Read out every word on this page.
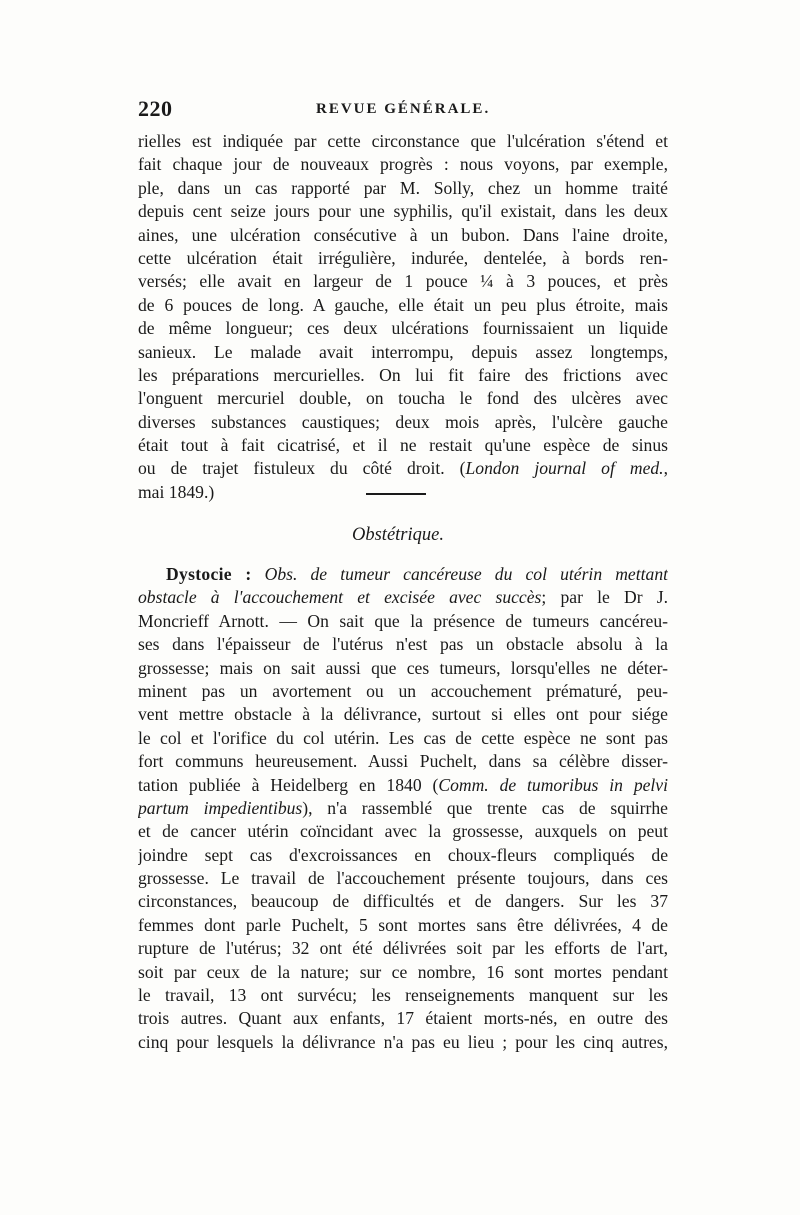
220	REVUE GÉNÉRALE.
rielles est indiquée par cette circonstance que l'ulcération s'étend et
fait chaque jour de nouveaux progrès : nous voyons, par exemple,
ple, dans un cas rapporté par M. Solly, chez un homme traité
depuis cent seize jours pour une syphilis, qu'il existait, dans les deux
aines, une ulcération consécutive à un bubon. Dans l'aine droite,
cette ulcération était irrégulière, indurée, dentelée, à bords ren-
versés; elle avait en largeur de 1 pouce ¼ à 3 pouces, et près
de 6 pouces de long. A gauche, elle était un peu plus étroite, mais
de même longueur; ces deux ulcérations fournissaient un liquide
sanieux. Le malade avait interrompu, depuis assez longtemps,
les préparations mercurielles. On lui fit faire des frictions avec
l'onguent mercuriel double, on toucha le fond des ulcères avec
diverses substances caustiques; deux mois après, l'ulcère gauche
était tout à fait cicatrisé, et il ne restait qu'une espèce de sinus
ou de trajet fistuleux du côté droit. (London journal of med.,
mai 1849.)
Obstétrique.
Dystocie : Obs. de tumeur cancéreuse du col utérin mettant
obstacle à l'accouchement et excisée avec succès; par le Dr J.
Moncrieff Arnott. — On sait que la présence de tumeurs cancéreu-
ses dans l'épaisseur de l'utérus n'est pas un obstacle absolu à la
grossesse; mais on sait aussi que ces tumeurs, lorsqu'elles ne déter-
minent pas un avortement ou un accouchement prématuré, peu-
vent mettre obstacle à la délivrance, surtout si elles ont pour siége
le col et l'orifice du col utérin. Les cas de cette espèce ne sont pas
fort communs heureusement. Aussi Puchelt, dans sa célèbre disser-
tation publiée à Heidelberg en 1840 (Comm. de tumoribus in pelvi
partum impedientibus), n'a rassemblé que trente cas de squirrhe
et de cancer utérin coïncidant avec la grossesse, auxquels on peut
joindre sept cas d'excroissances en choux-fleurs compliqués de
grossesse. Le travail de l'accouchement présente toujours, dans ces
circonstances, beaucoup de difficultés et de dangers. Sur les 37
femmes dont parle Puchelt, 5 sont mortes sans être délivrées, 4 de
rupture de l'utérus; 32 ont été délivrées soit par les efforts de l'art,
soit par ceux de la nature; sur ce nombre, 16 sont mortes pendant
le travail, 13 ont survécu; les renseignements manquent sur les
trois autres. Quant aux enfants, 17 étaient morts-nés, en outre des
cinq pour lesquels la délivrance n'a pas eu lieu ; pour les cinq autres,
